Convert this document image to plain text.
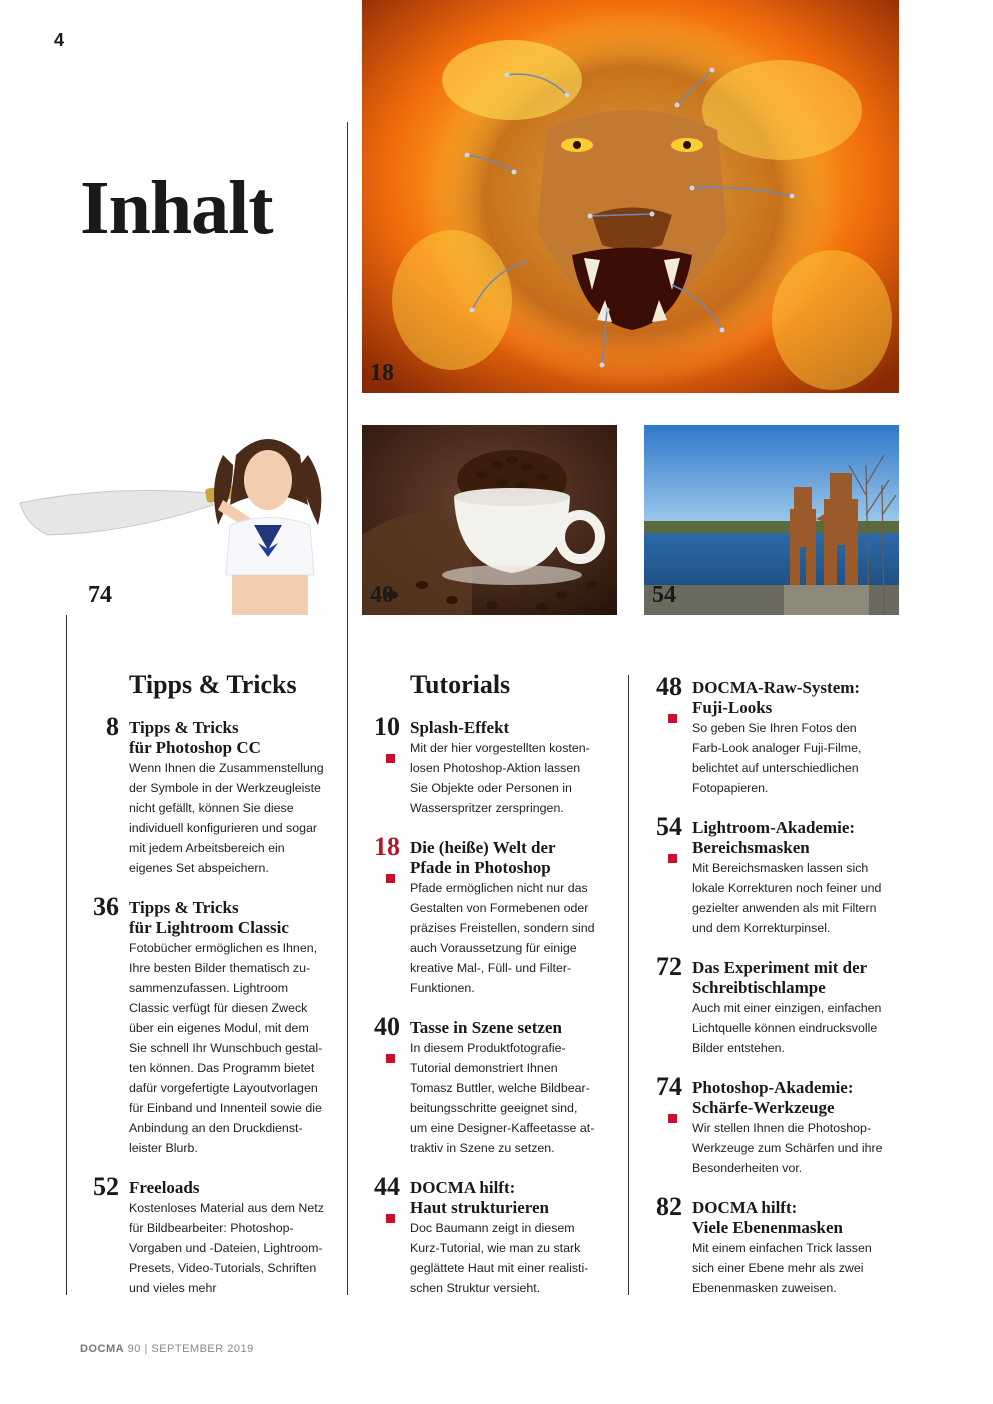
4
Inhalt
18
74	40	54
Tipps & Tricks	Tutorials
8 Tipps & Tricks
für Photoshop CC
Wenn Ihnen die Zusammenstellung
der Symbole in der Werkzeugleiste
nicht gefällt, können Sie diese
individuell konfigurieren und sogar
mit jedem Arbeitsbereich ein
eigenes Set abspeichern.
36 Tipps & Tricks
für Lightroom Classic
Fotobücher ermöglichen es Ihnen,
Ihre besten Bilder thematisch zu-
sammenzufassen. Lightroom
Classic verfügt für diesen Zweck
über ein eigenes Modul, mit dem
Sie schnell Ihr Wunschbuch gestal-
ten können. Das Programm bietet
dafür vorgefertigte Layoutvorlagen
für Einband und Innenteil sowie die
Anbindung an den Druckdienst-
leister Blurb.
52 Freeloads
Kostenloses Material aus dem Netz
für Bildbearbeiter: Photoshop-
Vorgaben und -Dateien, Lightroom-
Presets, Video-Tutorials, Schriften
und vieles mehr
10 Splash-Effekt
Mit der hier vorgestellten kosten-
losen Photoshop-Aktion lassen
Sie Objekte oder Personen in
Wasserspritzer zerspringen.
18 Die (heiße) Welt der
Pfade in Photoshop
Pfade ermöglichen nicht nur das
Gestalten von Formebenen oder
präzises Freistellen, sondern sind
auch Voraussetzung für einige
kreative Mal-, Füll- und Filter-
Funktionen.
40 Tasse in Szene setzen
In diesem Produktfotografie-
Tutorial demonstriert Ihnen
Tomasz Buttler, welche Bildbear-
beitungsschritte geeignet sind,
um eine Designer-Kaffeetasse at-
traktiv in Szene zu setzen.
44 DOCMA hilft:
Haut strukturieren
Doc Baumann zeigt in diesem
Kurz-Tutorial, wie man zu stark
geglättete Haut mit einer realisti-
schen Struktur versieht.
48 DOCMA-Raw-System:
Fuji-Looks
So geben Sie Ihren Fotos den
Farb-Look analoger Fuji-Filme,
belichtet auf unterschiedlichen
Fotopapieren.
54 Lightroom-Akademie:
Bereichsmasken
Mit Bereichsmasken lassen sich
lokale Korrekturen noch feiner und
gezielter anwenden als mit Filtern
und dem Korrekturpinsel.
72 Das Experiment mit der
Schreibtischlampe
Auch mit einer einzigen, einfachen
Lichtquelle können eindrucksvolle
Bilder entstehen.
74 Photoshop-Akademie:
Schärfe-Werkzeuge
Wir stellen Ihnen die Photoshop-
Werkzeuge zum Schärfen und ihre
Besonderheiten vor.
82 DOCMA hilft:
Viele Ebenenmasken
Mit einem einfachen Trick lassen
sich einer Ebene mehr als zwei
Ebenenmasken zuweisen.
DOCMA 90 | SEPTEMBER 2019
